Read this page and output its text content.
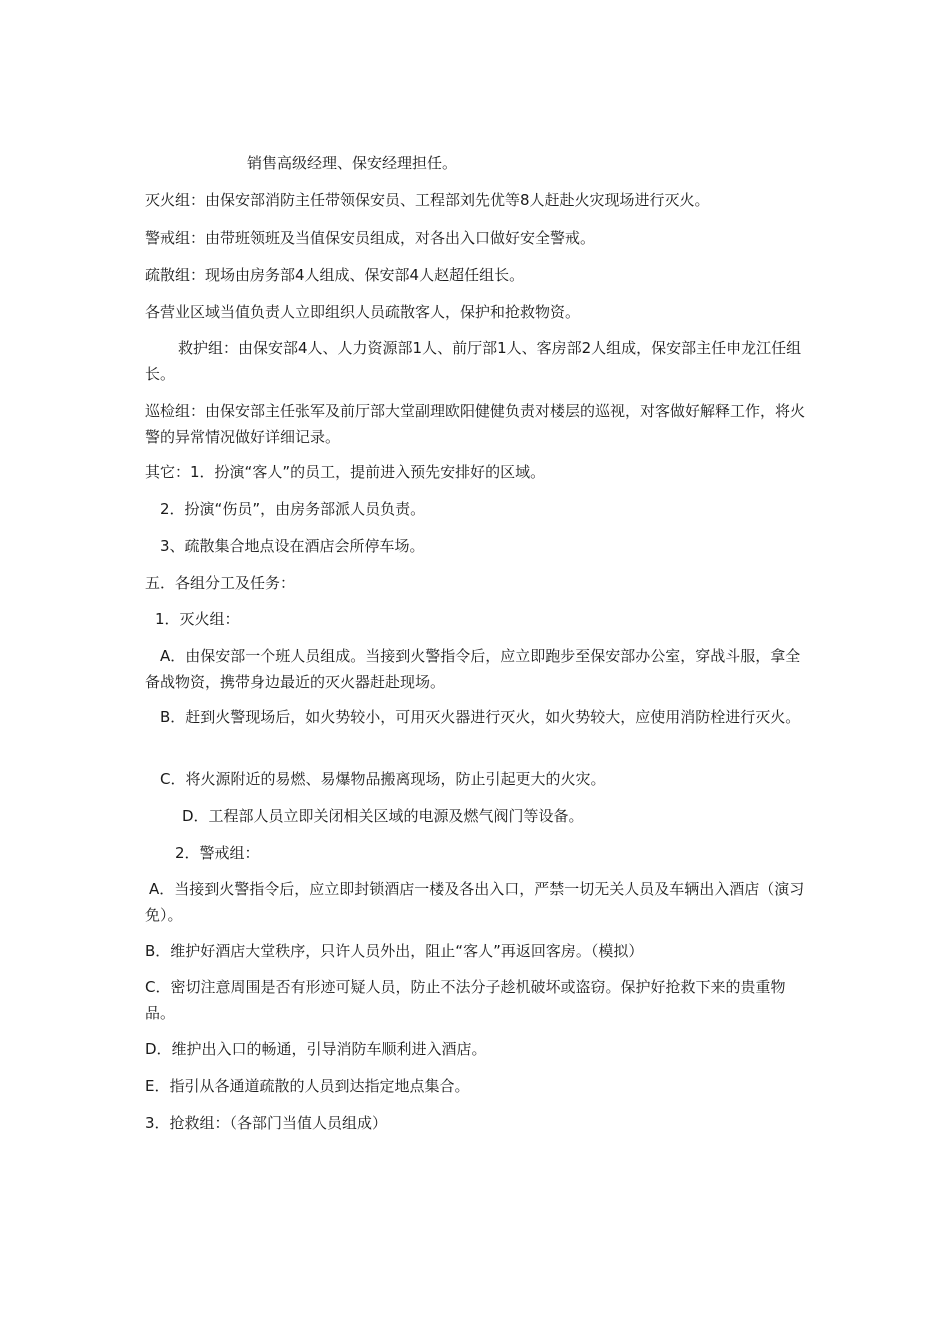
销售高级经理、保安经理担任。

灭火组：由保安部消防主任带领保安员、工程部刘先优等8人赶赴火灾现场进行灭火。

警戒组：由带班领班及当值保安员组成，对各出入口做好安全警戒。

疏散组：现场由房务部4人组成、保安部4人赵超任组长。

各营业区域当值负责人立即组织人员疏散客人，保护和抢救物资。

救护组：由保安部4人、人力资源部1人、前厅部1人、客房部2人组成，保安部主任申龙江任组长。

巡检组：由保安部主任张军及前厅部大堂副理欧阳健健负责对楼层的巡视，对客做好解释工作，将火警的异常情况做好详细记录。

其它：1．扮演“客人”的员工，提前进入预先安排好的区域。

2．扮演“伤员”，由房务部派人员负责。

3、疏散集合地点设在酒店会所停车场。

五．各组分工及任务：

1．灭火组：

A．由保安部一个班人员组成。当接到火警指令后，应立即跑步至保安部办公室，穿战斗服，拿全备战物资，携带身边最近的灭火器赶赴现场。

B．赶到火警现场后，如火势较小，可用灭火器进行灭火，如火势较大，应使用消防栓进行灭火。

C．将火源附近的易燃、易爆物品搬离现场，防止引起更大的火灾。

D．工程部人员立即关闭相关区域的电源及燃气阀门等设备。

2．警戒组：

A．当接到火警指令后，应立即封锁酒店一楼及各出入口，严禁一切无关人员及车辆出入酒店（演习免）。

B．维护好酒店大堂秩序，只许人员外出，阻止“客人”再返回客房。（模拟）

C．密切注意周围是否有形迹可疑人员，防止不法分子趁机破坏或盗窃。保护好抢救下来的贵重物品。

D．维护出入口的畅通，引导消防车顺利进入酒店。

E．指引从各通道疏散的人员到达指定地点集合。

3．抢救组：（各部门当值人员组成）
